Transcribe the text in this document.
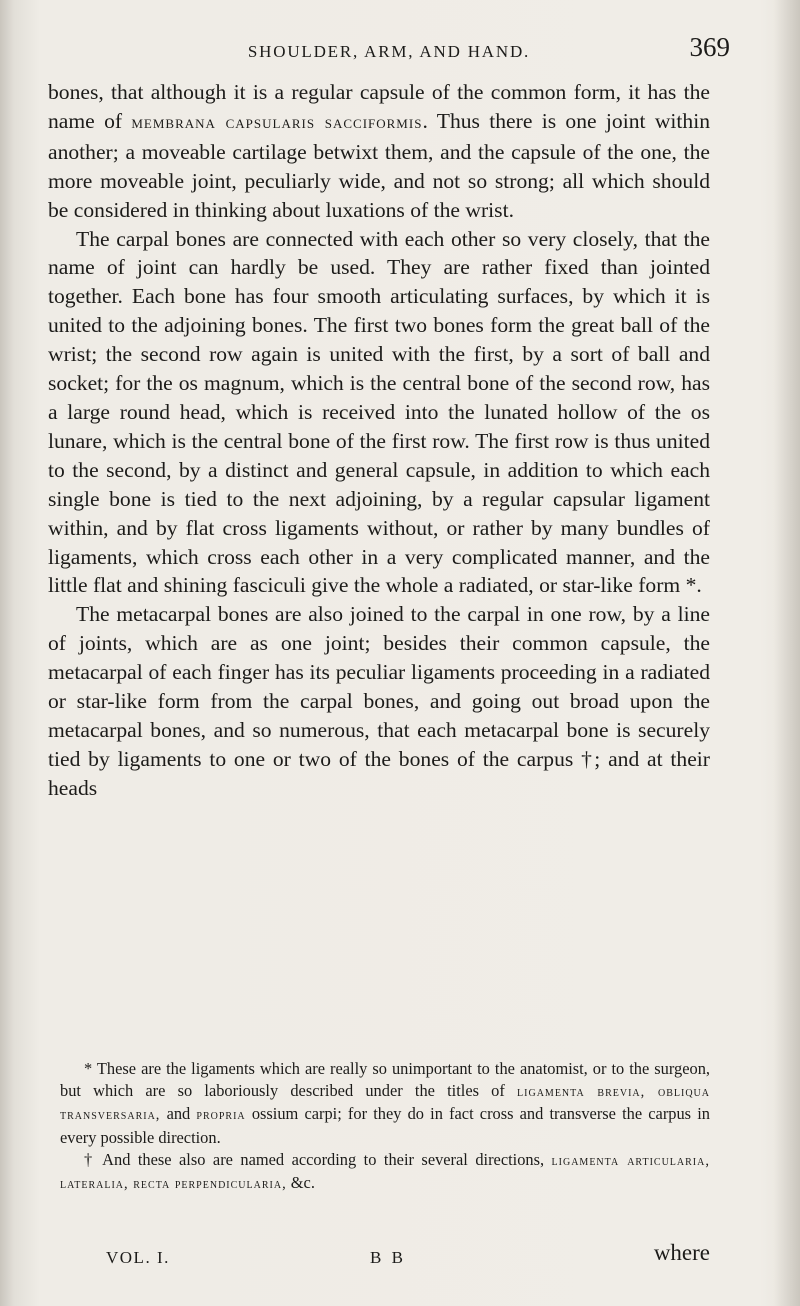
SHOULDER, ARM, AND HAND.	369

bones, that although it is a regular capsule of the common form, it has the name of membrana capsularis sacciformis. Thus there is one joint within another; a moveable cartilage betwixt them, and the capsule of the one, the more moveable joint, peculiarly wide, and not so strong; all which should be considered in thinking about luxations of the wrist.

The carpal bones are connected with each other so very closely, that the name of joint can hardly be used. They are rather fixed than jointed together. Each bone has four smooth articulating surfaces, by which it is united to the adjoining bones. The first two bones form the great ball of the wrist; the second row again is united with the first, by a sort of ball and socket; for the os magnum, which is the central bone of the second row, has a large round head, which is received into the lunated hollow of the os lunare, which is the central bone of the first row. The first row is thus united to the second, by a distinct and general capsule, in addition to which each single bone is tied to the next adjoining, by a regular capsular ligament within, and by flat cross ligaments without, or rather by many bundles of ligaments, which cross each other in a very complicated manner, and the little flat and shining fasciculi give the whole a radiated, or star-like form *.

The metacarpal bones are also joined to the carpal in one row, by a line of joints, which are as one joint; besides their common capsule, the metacarpal of each finger has its peculiar ligaments proceeding in a radiated or star-like form from the carpal bones, and going out broad upon the metacarpal bones, and so numerous, that each metacarpal bone is securely tied by ligaments to one or two of the bones of the carpus †; and at their heads

* These are the ligaments which are really so unimportant to the anatomist, or to the surgeon, but which are so laboriously described under the titles of ligamenta brevia, obliqua transversaria, and propria ossium carpi; for they do in fact cross and transverse the carpus in every possible direction.

† And these also are named according to their several directions, ligamenta articularia, lateralia, recta perpendicularia, &c.

VOL. I.	B B	where
